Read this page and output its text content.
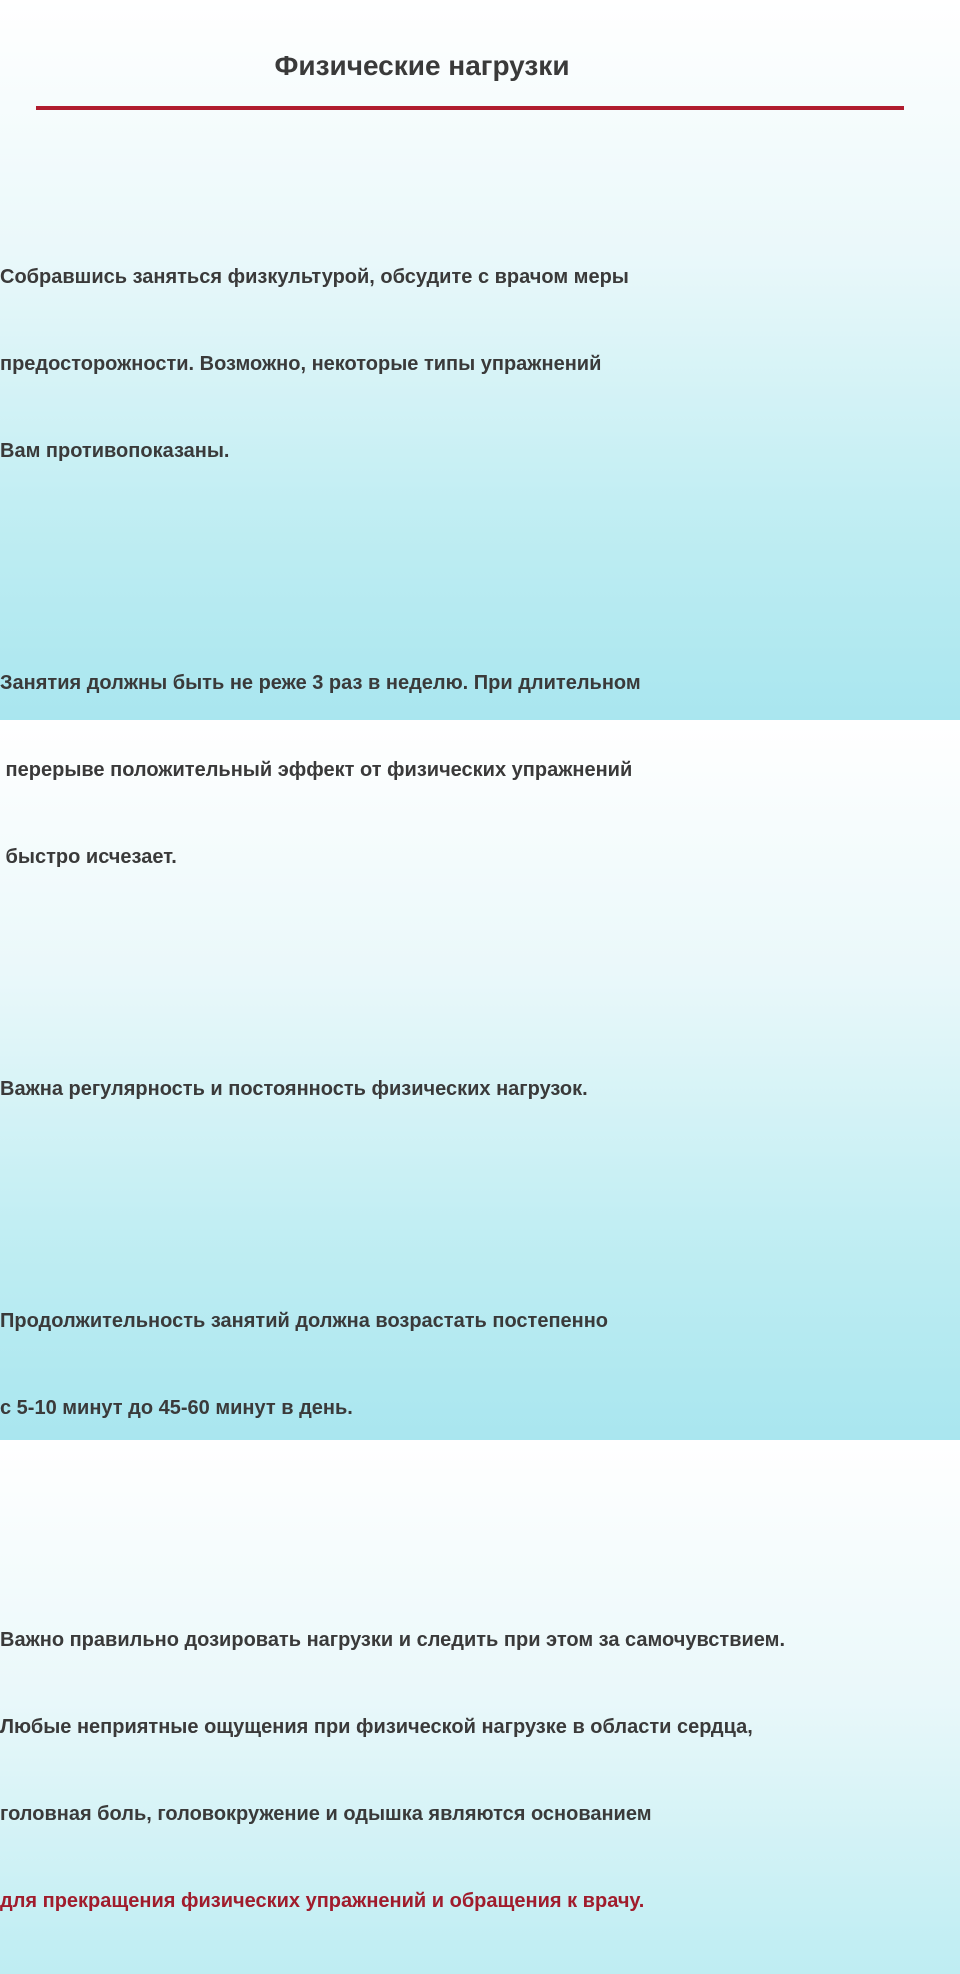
Физические нагрузки

Собравшись заняться физкультурой, обсудите с врачом меры

предосторожности. Возможно, некоторые типы упражнений

Вам противопоказаны.

Занятия должны быть не реже 3 раз в неделю. При длительном

перерыве положительный эффект от физических упражнений

быстро исчезает.

Важна регулярность и постоянность физических нагрузок.

Продолжительность занятий должна возрастать постепенно

с 5-10 минут до 45-60 минут в день.

Важно правильно дозировать нагрузки и следить при этом за самочувствием.

Любые неприятные ощущения при физической нагрузке в области сердца,

головная боль, головокружение и одышка являются основанием

для прекращения физических упражнений и обращения к врачу.
